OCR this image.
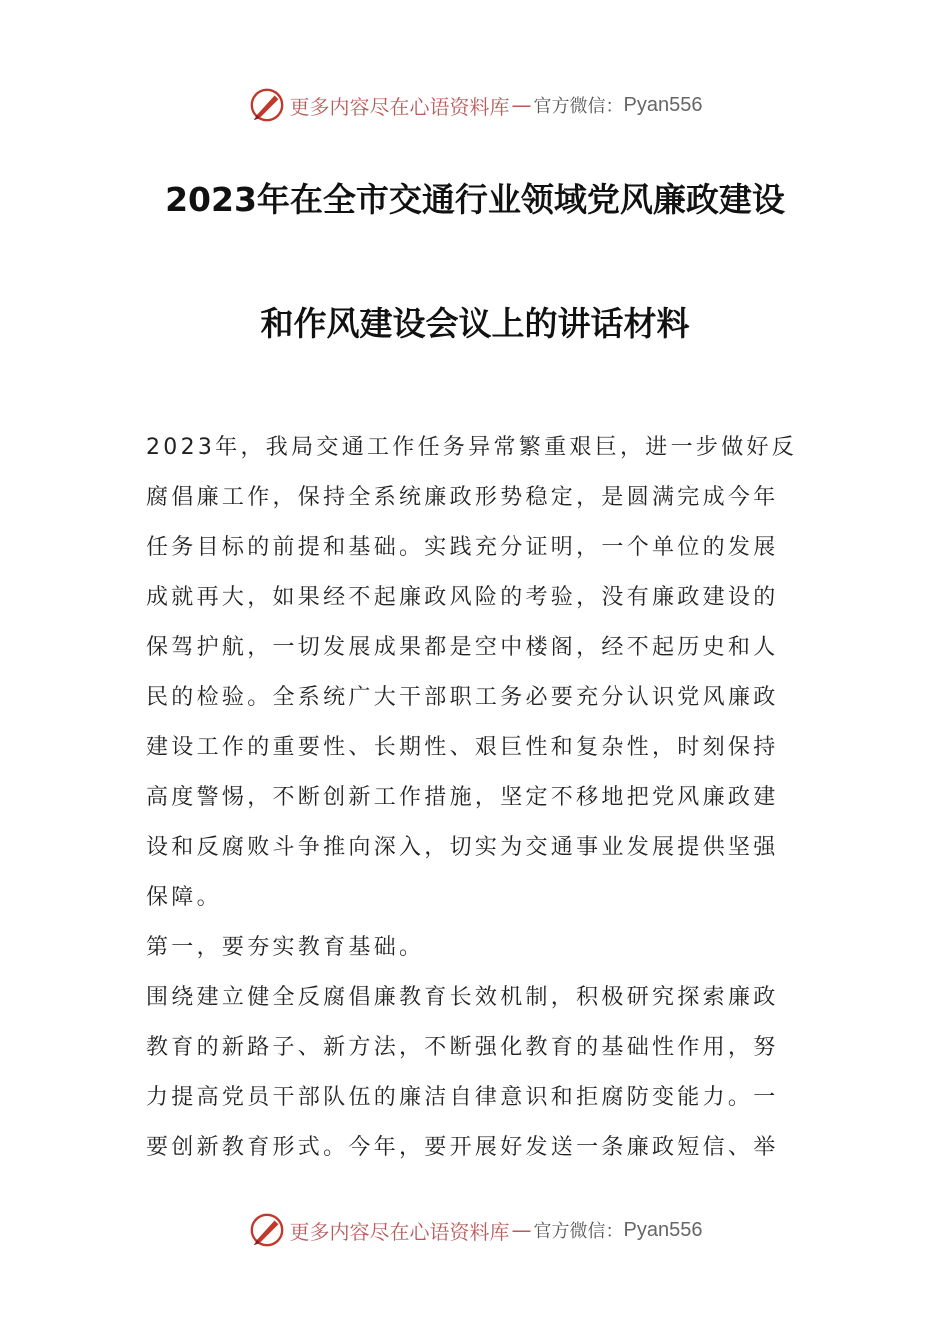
更多内容尽在心语资料库 — 官方微信： Pyan556
2023年在全市交通行业领域党风廉政建设
和作风建设会议上的讲话材料
2023年，我局交通工作任务异常繁重艰巨，进一步做好反
腐倡廉工作，保持全系统廉政形势稳定，是圆满完成今年
任务目标的前提和基础。实践充分证明，一个单位的发展
成就再大，如果经不起廉政风险的考验，没有廉政建设的
保驾护航，一切发展成果都是空中楼阁，经不起历史和人
民的检验。全系统广大干部职工务必要充分认识党风廉政
建设工作的重要性、长期性、艰巨性和复杂性，时刻保持
高度警惕，不断创新工作措施，坚定不移地把党风廉政建
设和反腐败斗争推向深入，切实为交通事业发展提供坚强
保障。
第一，要夯实教育基础。
围绕建立健全反腐倡廉教育长效机制，积极研究探索廉政
教育的新路子、新方法，不断强化教育的基础性作用，努
力提高党员干部队伍的廉洁自律意识和拒腐防变能力。一
要创新教育形式。今年，要开展好发送一条廉政短信、举
更多内容尽在心语资料库 — 官方微信： Pyan556
